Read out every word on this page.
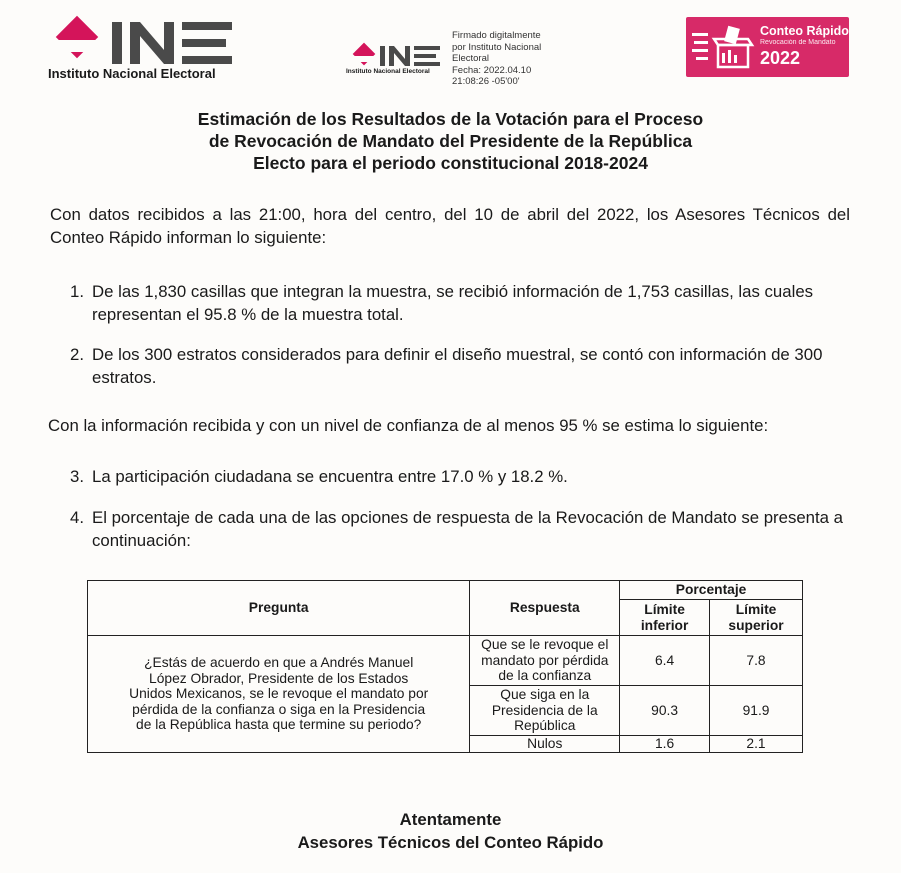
Instituto Nacional Electoral	Instituto Nacional Electoral
Firmado digitalmente
por Instituto Nacional
Electoral
Fecha: 2022.04.10
21:08:26 -05'00'
Conteo Rápido
Revocación de Mandato
2022
Estimación de los Resultados de la Votación para el Proceso
de Revocación de Mandato del Presidente de la República
Electo para el periodo constitucional 2018-2024
Con datos recibidos a las 21:00, hora del centro, del 10 de abril del 2022, los Asesores Técnicos del Conteo Rápido informan lo siguiente:
1. De las 1,830 casillas que integran la muestra, se recibió información de 1,753 casillas, las cuales representan el 95.8 % de la muestra total.
2. De los 300 estratos considerados para definir el diseño muestral, se contó con información de 300 estratos.
Con la información recibida y con un nivel de confianza de al menos 95 % se estima lo siguiente:
3. La participación ciudadana se encuentra entre 17.0 % y 18.2 %.
4. El porcentaje de cada una de las opciones de respuesta de la Revocación de Mandato se presenta a continuación:
Pregunta	Respuesta	Porcentaje	
		Límite inferior	Límite superior
¿Estás de acuerdo en que a Andrés Manuel López Obrador, Presidente de los Estados Unidos Mexicanos, se le revoque el mandato por pérdida de la confianza o siga en la Presidencia de la República hasta que termine su periodo?	Que se le revoque el mandato por pérdida de la confianza	6.4	7.8
	Que siga en la Presidencia de la República	90.3	91.9
	Nulos	1.6	2.1
Atentamente
Asesores Técnicos del Conteo Rápido
